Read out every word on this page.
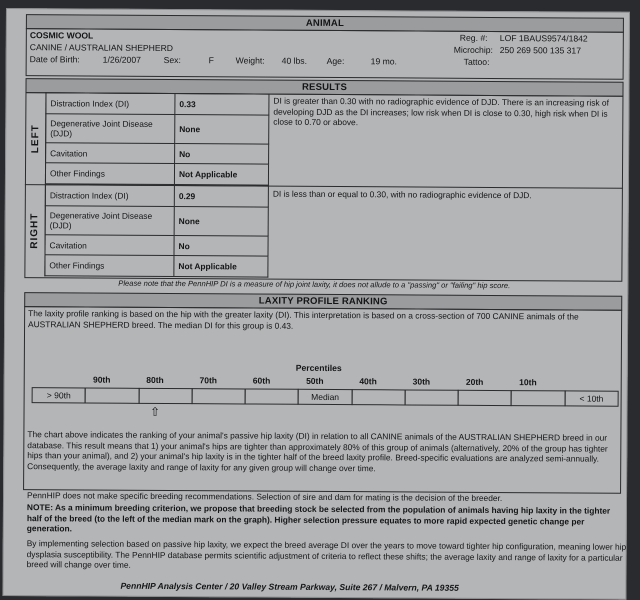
ANIMAL
COSMIC WOOL
CANINE / AUSTRALIAN SHEPHERD
Date of Birth:	1/26/2007	Sex:	F	Weight: 40 lbs. Age:	19 mo.
Reg. #: LOF 1BAUS9574/1842
Microchip: 250 269 500 135 317
Tattoo:
RESULTS
LEFT
Distraction Index (DI)	0.33
Degenerative Joint Disease (DJD)	None
Cavitation	No
Other Findings	Not Applicable
DI is greater than 0.30 with no radiographic evidence of DJD. There is an increasing risk of developing DJD as the DI increases; low risk when DI is close to 0.30, high risk when DI is close to 0.70 or above.
RIGHT
Distraction Index (DI)	0.29
Degenerative Joint Disease (DJD)	None
Cavitation	No
Other Findings	Not Applicable
DI is less than or equal to 0.30, with no radiographic evidence of DJD.
Please note that the PennHIP DI is a measure of hip joint laxity, it does not allude to a "passing" or "failing" hip score.
LAXITY PROFILE RANKING
The laxity profile ranking is based on the hip with the greater laxity (DI). This interpretation is based on a cross-section of 700 CANINE animals of the AUSTRALIAN SHEPHERD breed. The median DI for this group is 0.43.
Percentiles
90th	80th	70th	60th	50th	40th	30th	20th	10th
> 90th	Median	< 10th
⇧
The chart above indicates the ranking of your animal's passive hip laxity (DI) in relation to all CANINE animals of the AUSTRALIAN SHEPHERD breed in our database. This result means that 1) your animal's hips are tighter than approximately 80% of this group of animals (alternatively, 20% of the group has tighter hips than your animal), and 2) your animal's hip laxity is in the tighter half of the breed laxity profile. Breed-specific evaluations are analyzed semi-annually. Consequently, the average laxity and range of laxity for any given group will change over time.
PennHIP does not make specific breeding recommendations. Selection of sire and dam for mating is the decision of the breeder.
NOTE: As a minimum breeding criterion, we propose that breeding stock be selected from the population of animals having hip laxity in the tighter half of the breed (to the left of the median mark on the graph). Higher selection pressure equates to more rapid expected genetic change per generation.
By implementing selection based on passive hip laxity, we expect the breed average DI over the years to move toward tighter hip configuration, meaning lower hip dysplasia susceptibility. The PennHIP database permits scientific adjustment of criteria to reflect these shifts; the average laxity and range of laxity for a particular breed will change over time.
PennHIP Analysis Center / 20 Valley Stream Parkway, Suite 267 / Malvern, PA 19355
